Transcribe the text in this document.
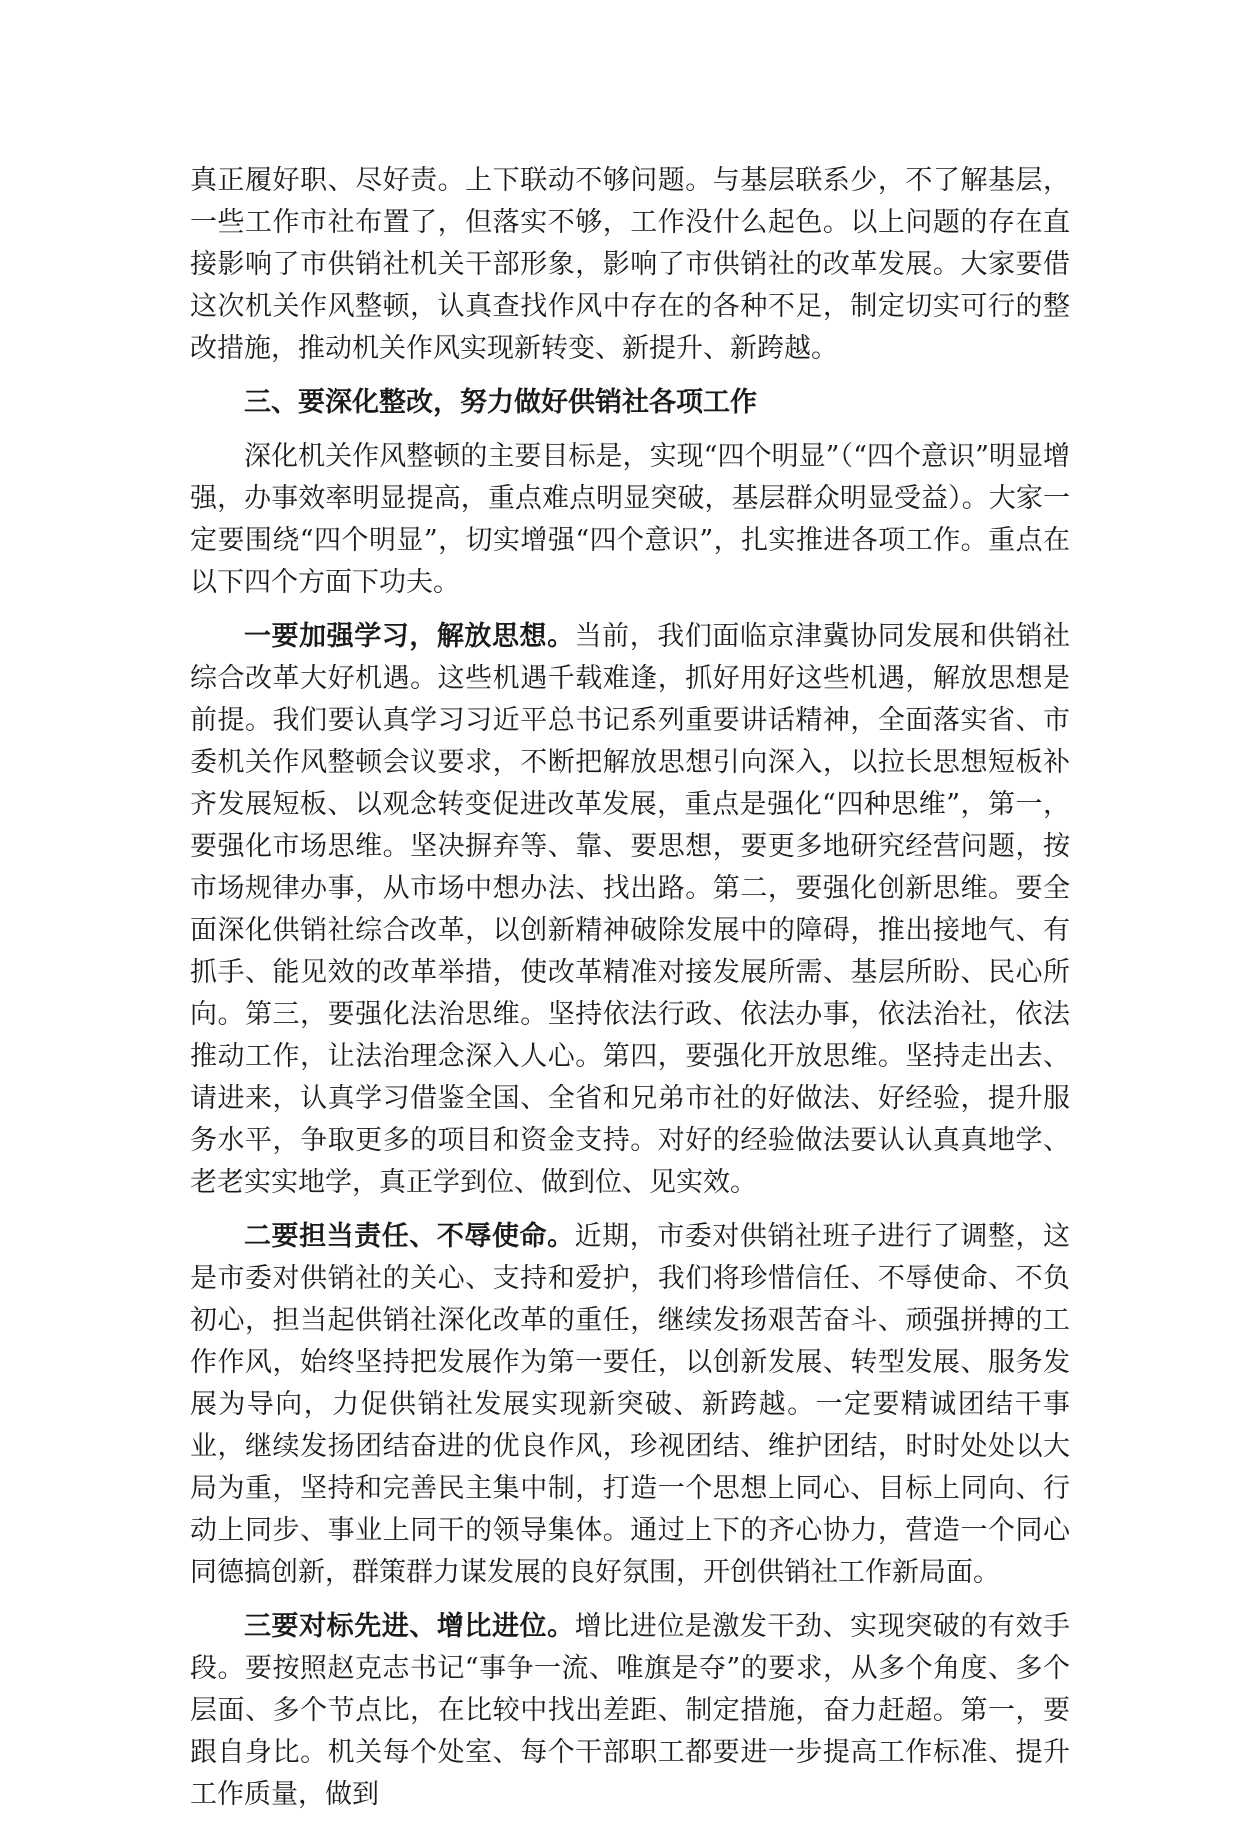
真正履好职、尽好责。上下联动不够问题。与基层联系少，不了解基层，一些工作市社布置了，但落实不够，工作没什么起色。以上问题的存在直接影响了市供销社机关干部形象，影响了市供销社的改革发展。大家要借这次机关作风整顿，认真查找作风中存在的各种不足，制定切实可行的整改措施，推动机关作风实现新转变、新提升、新跨越。

三、要深化整改，努力做好供销社各项工作

深化机关作风整顿的主要目标是，实现“四个明显”（“四个意识”明显增强，办事效率明显提高，重点难点明显突破，基层群众明显受益）。大家一定要围绕“四个明显”，切实增强“四个意识”，扎实推进各项工作。重点在以下四个方面下功夫。

一要加强学习，解放思想。当前，我们面临京津冀协同发展和供销社综合改革大好机遇。这些机遇千载难逢，抓好用好这些机遇，解放思想是前提。我们要认真学习习近平总书记系列重要讲话精神，全面落实省、市委机关作风整顿会议要求，不断把解放思想引向深入，以拉长思想短板补齐发展短板、以观念转变促进改革发展，重点是强化“四种思维”，第一，要强化市场思维。坚决摒弃等、靠、要思想，要更多地研究经营问题，按市场规律办事，从市场中想办法、找出路。第二，要强化创新思维。要全面深化供销社综合改革，以创新精神破除发展中的障碍，推出接地气、有抓手、能见效的改革举措，使改革精准对接发展所需、基层所盼、民心所向。第三，要强化法治思维。坚持依法行政、依法办事，依法治社，依法推动工作，让法治理念深入人心。第四，要强化开放思维。坚持走出去、请进来，认真学习借鉴全国、全省和兄弟市社的好做法、好经验，提升服务水平，争取更多的项目和资金支持。对好的经验做法要认认真真地学、老老实实地学，真正学到位、做到位、见实效。

二要担当责任、不辱使命。近期，市委对供销社班子进行了调整，这是市委对供销社的关心、支持和爱护，我们将珍惜信任、不辱使命、不负初心，担当起供销社深化改革的重任，继续发扬艰苦奋斗、顽强拼搏的工作作风，始终坚持把发展作为第一要任，以创新发展、转型发展、服务发展为导向，力促供销社发展实现新突破、新跨越。一定要精诚团结干事业，继续发扬团结奋进的优良作风，珍视团结、维护团结，时时处处以大局为重，坚持和完善民主集中制，打造一个思想上同心、目标上同向、行动上同步、事业上同干的领导集体。通过上下的齐心协力，营造一个同心同德搞创新，群策群力谋发展的良好氛围，开创供销社工作新局面。

三要对标先进、增比进位。增比进位是激发干劲、实现突破的有效手段。要按照赵克志书记“事争一流、唯旗是夺”的要求，从多个角度、多个层面、多个节点比，在比较中找出差距、制定措施，奋力赶超。第一，要跟自身比。机关每个处室、每个干部职工都要进一步提高工作标准、提升工作质量，做到
